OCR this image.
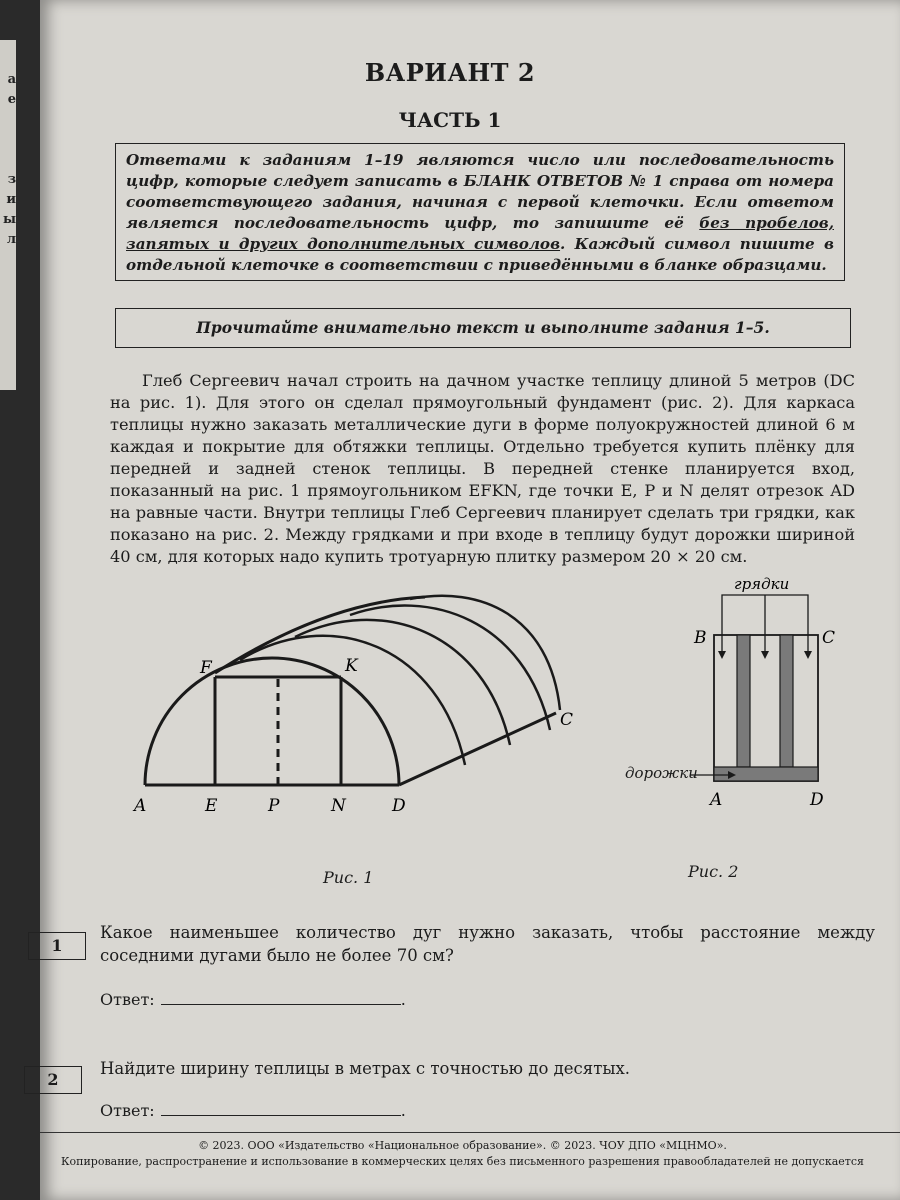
а
е
з
и
ы
л
ВАРИАНТ 2
ЧАСТЬ 1
Ответами к заданиям 1–19 являются число или последовательность цифр, которые следует записать в БЛАНК ОТВЕТОВ № 1 справа от номера соответствующего задания, начиная с первой клеточки. Если ответом является последовательность цифр, то запишите её без пробелов, запятых и других дополнительных символов. Каждый символ пишите в отдельной клеточке в соответствии с приведёнными в бланке образцами.
Прочитайте внимательно текст и выполните задания 1–5.

Глеб Сергеевич начал строить на дачном участке теплицу длиной 5 метров (DC на рис. 1). Для этого он сделал прямоугольный фундамент (рис. 2). Для каркаса теплицы нужно заказать металлические дуги в форме полуокружностей длиной 6 м каждая и покрытие для обтяжки теплицы. Отдельно требуется купить плёнку для передней и задней стенок теплицы. В передней стенке планируется вход, показанный на рис. 1 прямоугольником EFKN, где точки E, P и N делят отрезок AD на равные части. Внутри теплицы Глеб Сергеевич планирует сделать три грядки, как показано на рис. 2. Между грядками и при входе в теплицу будут дорожки шириной 40 см, для которых надо купить тротуарную плитку размером 20 × 20 см.

F	K
C
A	E	P	N	D
Рис. 1
грядки
B	C
A	D
дорожки
Рис. 2
1
Какое наименьшее количество дуг нужно заказать, чтобы расстояние между соседними дугами было не более 70 см?
Ответ:	.
2
Найдите ширину теплицы в метрах с точностью до десятых.
Ответ:	.
© 2023. ООО «Издательство «Национальное образование». © 2023. ЧОУ ДПО «МЦНМО».
Копирование, распространение и использование в коммерческих целях без письменного разрешения правообладателей не допускается
